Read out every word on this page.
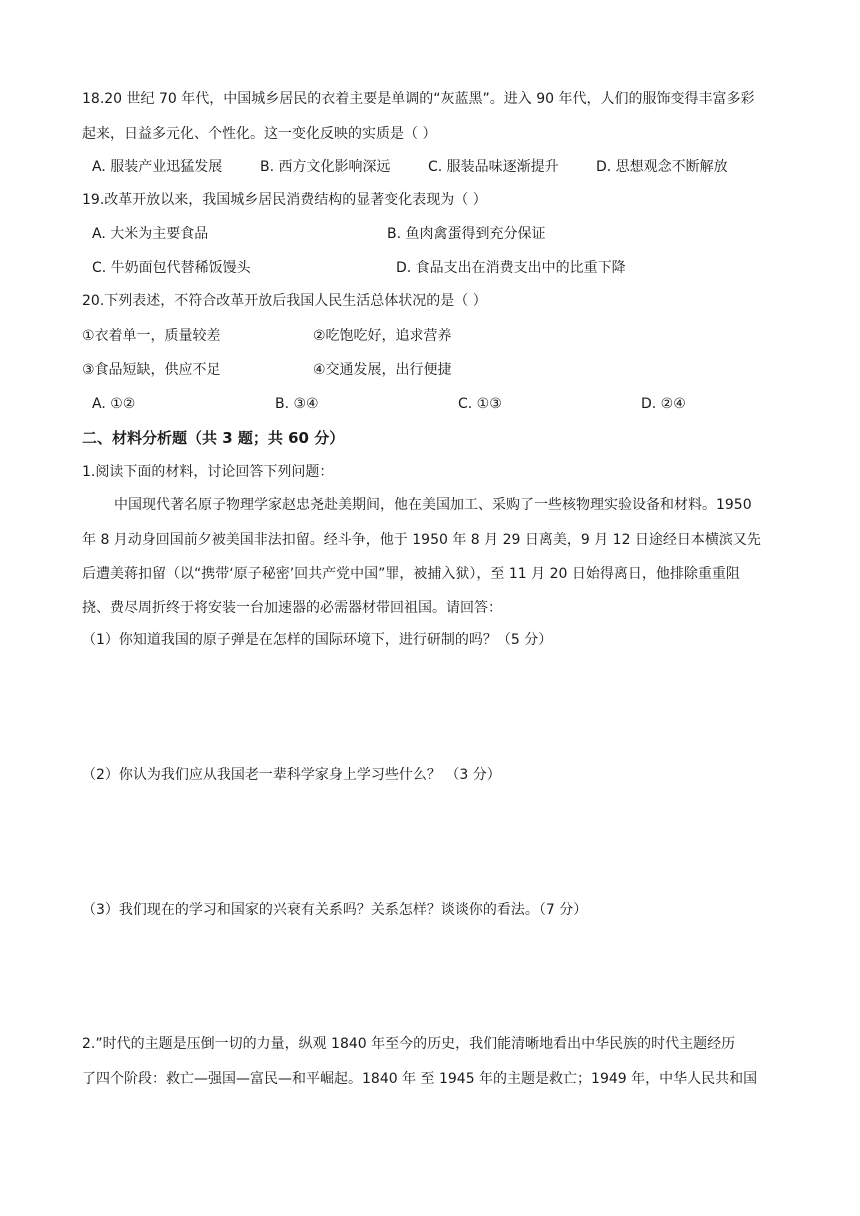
18.20 世纪 70 年代，中国城乡居民的衣着主要是单调的“灰蓝黑”。进入 90 年代，人们的服饰变得丰富多彩
起来，日益多元化、个性化。这一变化反映的实质是（ ）
A. 服装产业迅猛发展	B. 西方文化影响深远	C. 服装品味逐渐提升	D. 思想观念不断解放
19.改革开放以来，我国城乡居民消费结构的显著变化表现为（ ）
A. 大米为主要食品	B. 鱼肉禽蛋得到充分保证
C. 牛奶面包代替稀饭馒头	D. 食品支出在消费支出中的比重下降
20.下列表述，不符合改革开放后我国人民生活总体状况的是（ ）
①衣着单一，质量较差	②吃饱吃好，追求营养
③食品短缺，供应不足	④交通发展，出行便捷
A. ①②	B. ③④	C. ①③	D. ②④
二、材料分析题（共 3 题；共 60 分）
1.阅读下面的材料，讨论回答下列问题：
中国现代著名原子物理学家赵忠尧赴美期间，他在美国加工、采购了一些核物理实验设备和材料。1950
年 8 月动身回国前夕被美国非法扣留。经斗争，他于 1950 年 8 月 29 日离美，9 月 12 日途经日本横滨又先
后遭美蒋扣留（以“携带‘原子秘密’回共产党中国”罪，被捕入狱），至 11 月 20 日始得离日，他排除重重阻
挠、费尽周折终于将安装一台加速器的必需器材带回祖国。请回答：
（1）你知道我国的原子弹是在怎样的国际环境下，进行研制的吗？（5 分）
（2）你认为我们应从我国老一辈科学家身上学习些什么？ （3 分）
（3）我们现在的学习和国家的兴衰有关系吗？关系怎样？谈谈你的看法。（7 分）
2.”时代的主题是压倒一切的力量，纵观 1840 年至今的历史，我们能清晰地看出中华民族的时代主题经历
了四个阶段：救亡—强国—富民—和平崛起。1840 年 至 1945 年的主题是救亡；1949 年，中华人民共和国
